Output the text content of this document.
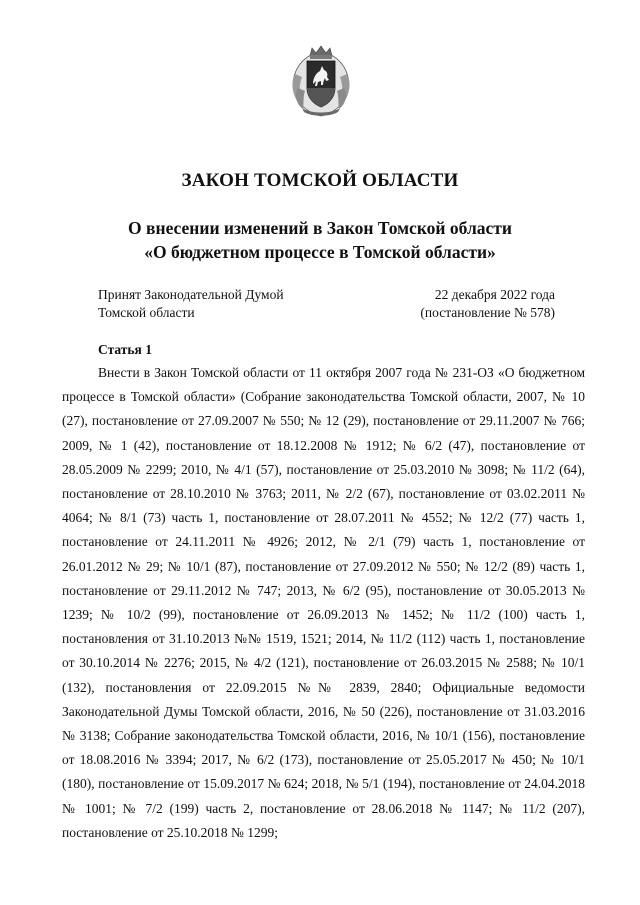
ЗАКОН ТОМСКОЙ ОБЛАСТИ
О внесении изменений в Закон Томской области
«О бюджетном процессе в Томской области»
Принят Законодательной Думой
Томской области
22 декабря 2022 года
(постановление № 578)
Статья 1

Внести в Закон Томской области от 11 октября 2007 года № 231-ОЗ «О бюджетном процессе в Томской области» (Собрание законодательства Томской области, 2007, № 10 (27), постановление от 27.09.2007 № 550; № 12 (29), постановление от 29.11.2007 № 766; 2009, № 1 (42), постановление от 18.12.2008 № 1912; № 6/2 (47), постановление от 28.05.2009 № 2299; 2010, № 4/1 (57), постановление от 25.03.2010 № 3098; № 11/2 (64), постановление от 28.10.2010 № 3763; 2011, № 2/2 (67), постановление от 03.02.2011 № 4064; № 8/1 (73) часть 1, постановление от 28.07.2011 № 4552; № 12/2 (77) часть 1, постановление от 24.11.2011 № 4926; 2012, № 2/1 (79) часть 1, постановление от 26.01.2012 № 29; № 10/1 (87), постановление от 27.09.2012 № 550; № 12/2 (89) часть 1, постановление от 29.11.2012 № 747; 2013, № 6/2 (95), постановление от 30.05.2013 № 1239; № 10/2 (99), постановление от 26.09.2013 № 1452; № 11/2 (100) часть 1, постановления от 31.10.2013 №№ 1519, 1521; 2014, № 11/2 (112) часть 1, постановление от 30.10.2014 № 2276; 2015, № 4/2 (121), постановление от 26.03.2015 № 2588; № 10/1 (132), постановления от 22.09.2015 №№ 2839, 2840; Официальные ведомости Законодательной Думы Томской области, 2016, № 50 (226), постановление от 31.03.2016 № 3138; Собрание законодательства Томской области, 2016, № 10/1 (156), постановление от 18.08.2016 № 3394; 2017, № 6/2 (173), постановление от 25.05.2017 № 450; № 10/1 (180), постановление от 15.09.2017 № 624; 2018, № 5/1 (194), постановление от 24.04.2018 № 1001; № 7/2 (199) часть 2, постановление от 28.06.2018 № 1147; № 11/2 (207), постановление от 25.10.2018 № 1299;
